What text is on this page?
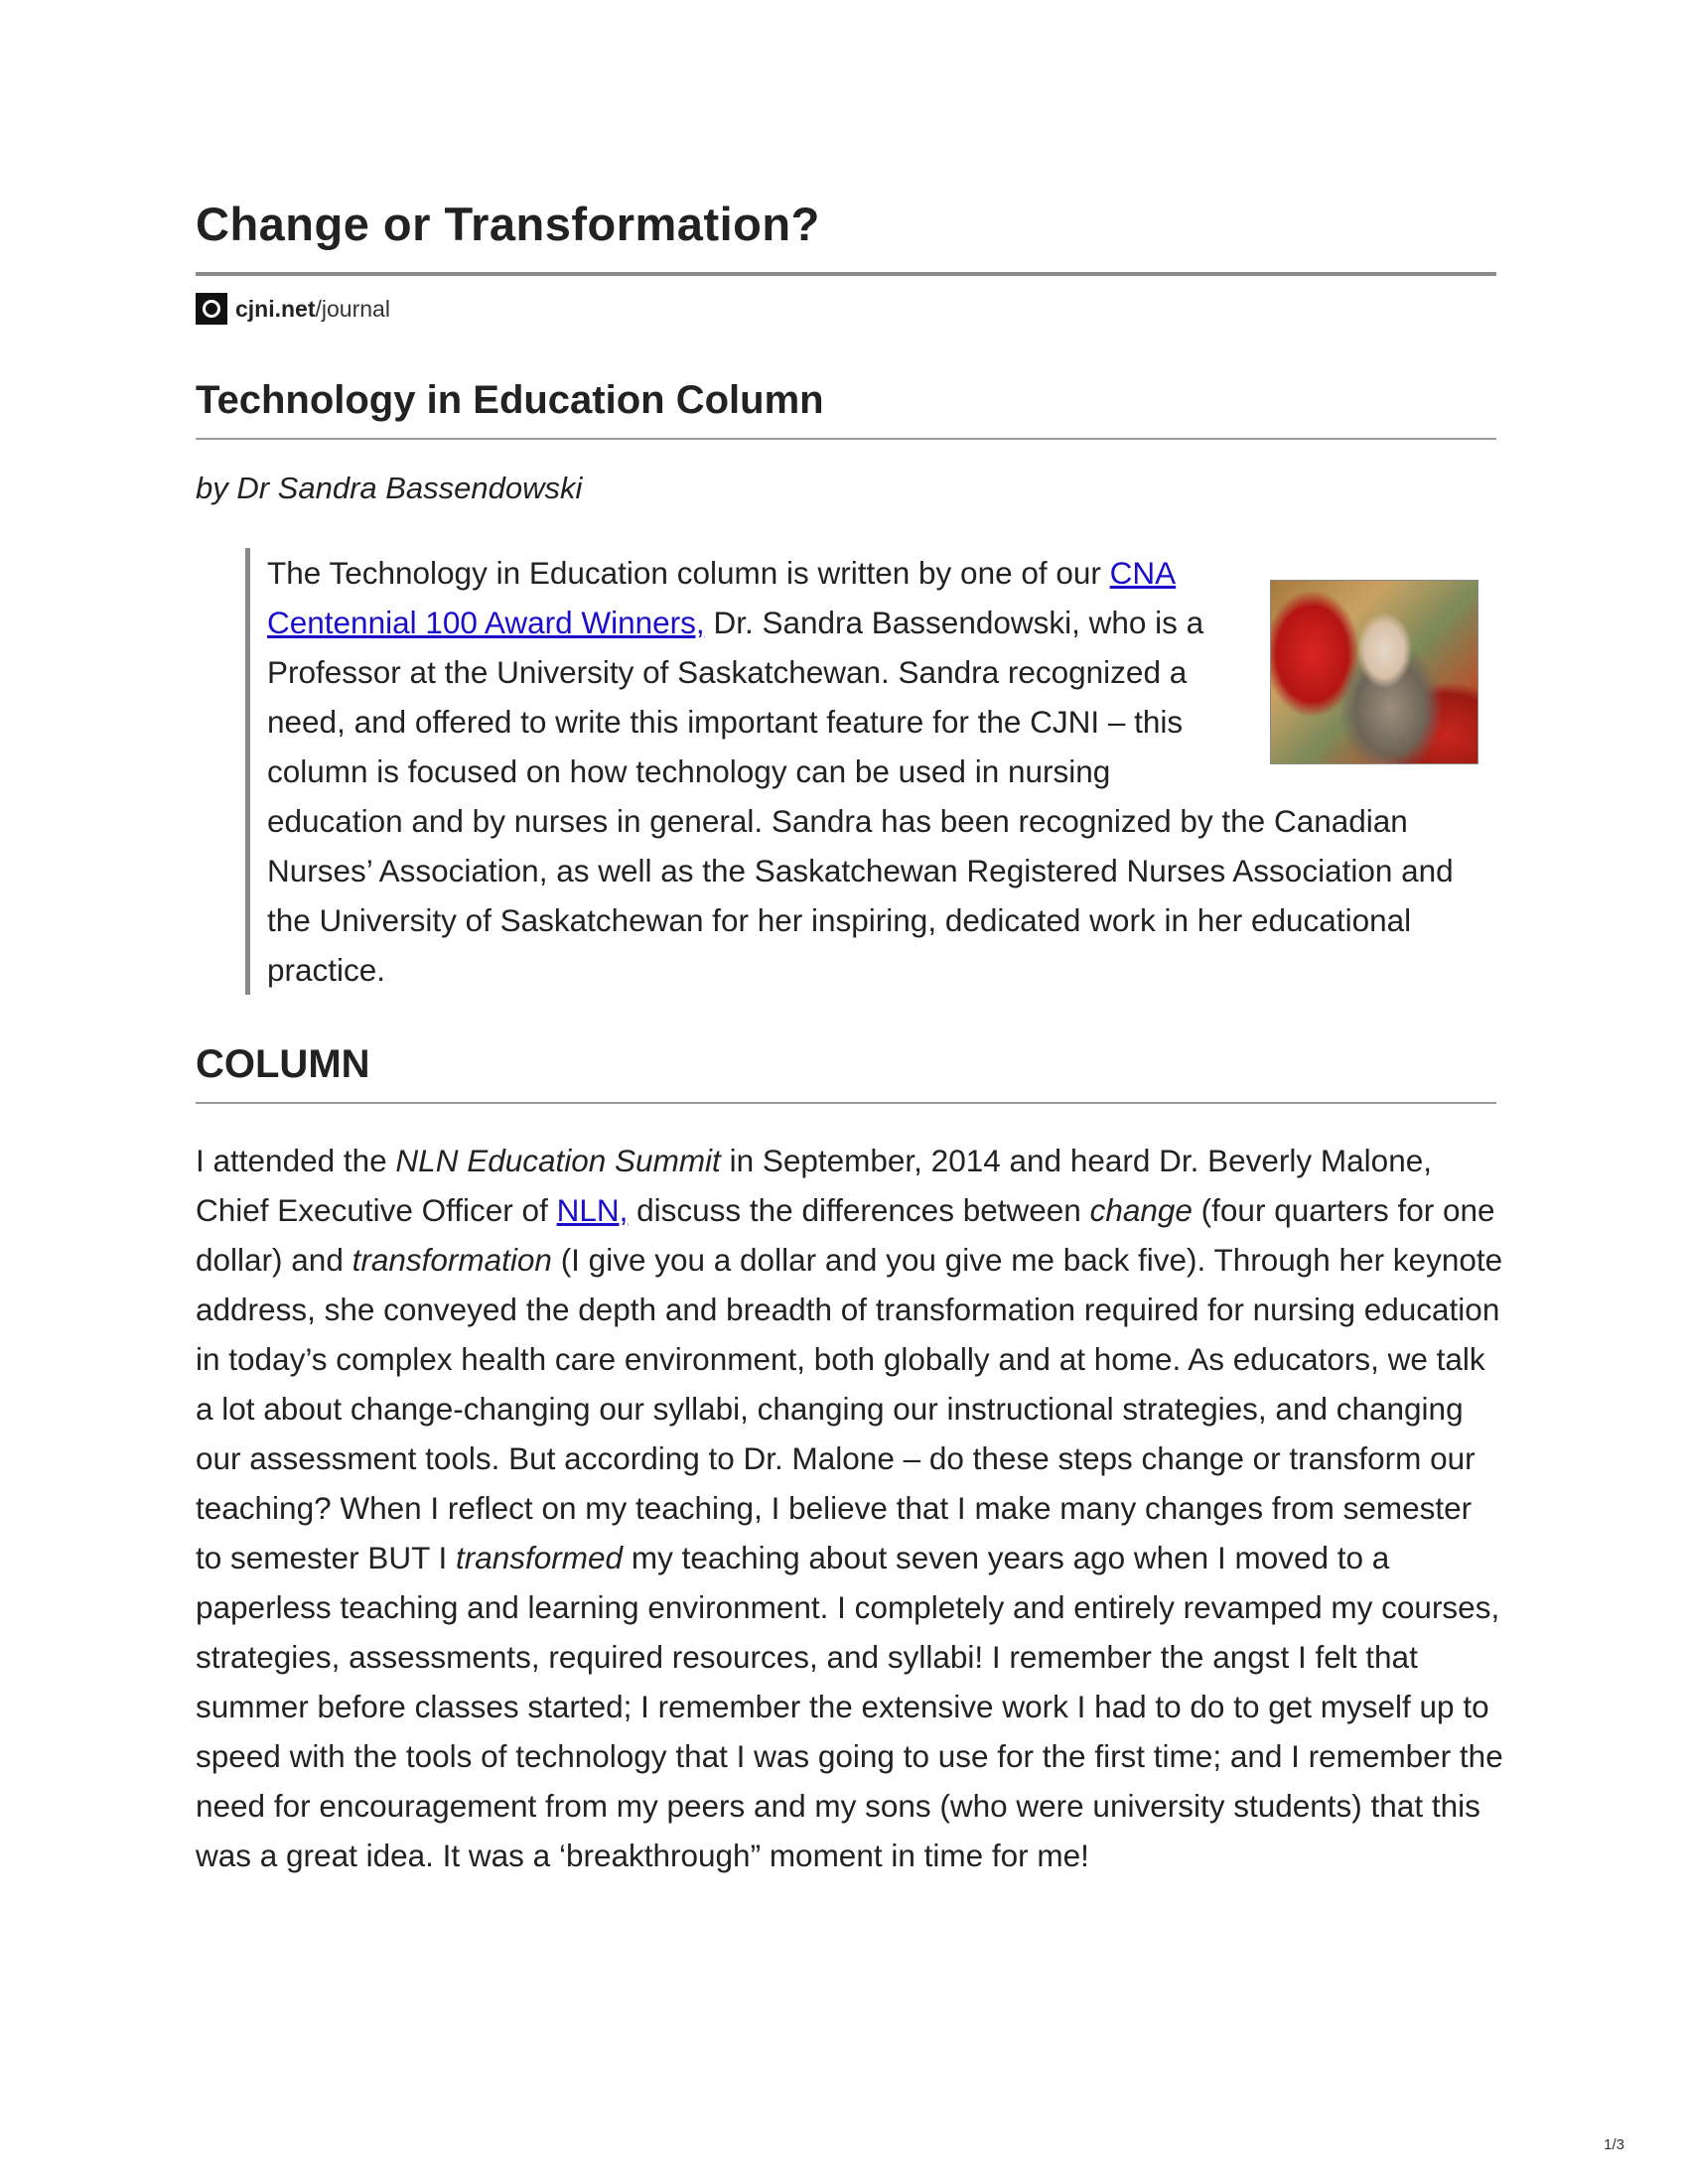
Change or Transformation?
cjni.net /journal
Technology in Education Column
by Dr Sandra Bassendowski

The Technology in Education column is written by one of our CNA Centennial 100 Award Winners, Dr. Sandra Bassendowski, who is a Professor at the University of Saskatchewan. Sandra recognized a need, and offered to write this important feature for the CJNI – this column is focused on how technology can be used in nursing education and by nurses in general. Sandra has been recognized by the Canadian Nurses’ Association, as well as the Saskatchewan Registered Nurses Association and the University of Saskatchewan for her inspiring, dedicated work in her educational practice.

COLUMN

I attended the NLN Education Summit in September, 2014 and heard Dr. Beverly Malone, Chief Executive Officer of NLN, discuss the differences between change (four quarters for one dollar) and transformation (I give you a dollar and you give me back five). Through her keynote address, she conveyed the depth and breadth of transformation required for nursing education in today’s complex health care environment, both globally and at home. As educators, we talk a lot about change-changing our syllabi, changing our instructional strategies, and changing our assessment tools. But according to Dr. Malone – do these steps change or transform our teaching? When I reflect on my teaching, I believe that I make many changes from semester to semester BUT I transformed my teaching about seven years ago when I moved to a paperless teaching and learning environment. I completely and entirely revamped my courses, strategies, assessments, required resources, and syllabi! I remember the angst I felt that summer before classes started; I remember the extensive work I had to do to get myself up to speed with the tools of technology that I was going to use for the first time; and I remember the need for encouragement from my peers and my sons (who were university students) that this was a great idea. It was a ‘breakthrough” moment in time for me!

1/3
